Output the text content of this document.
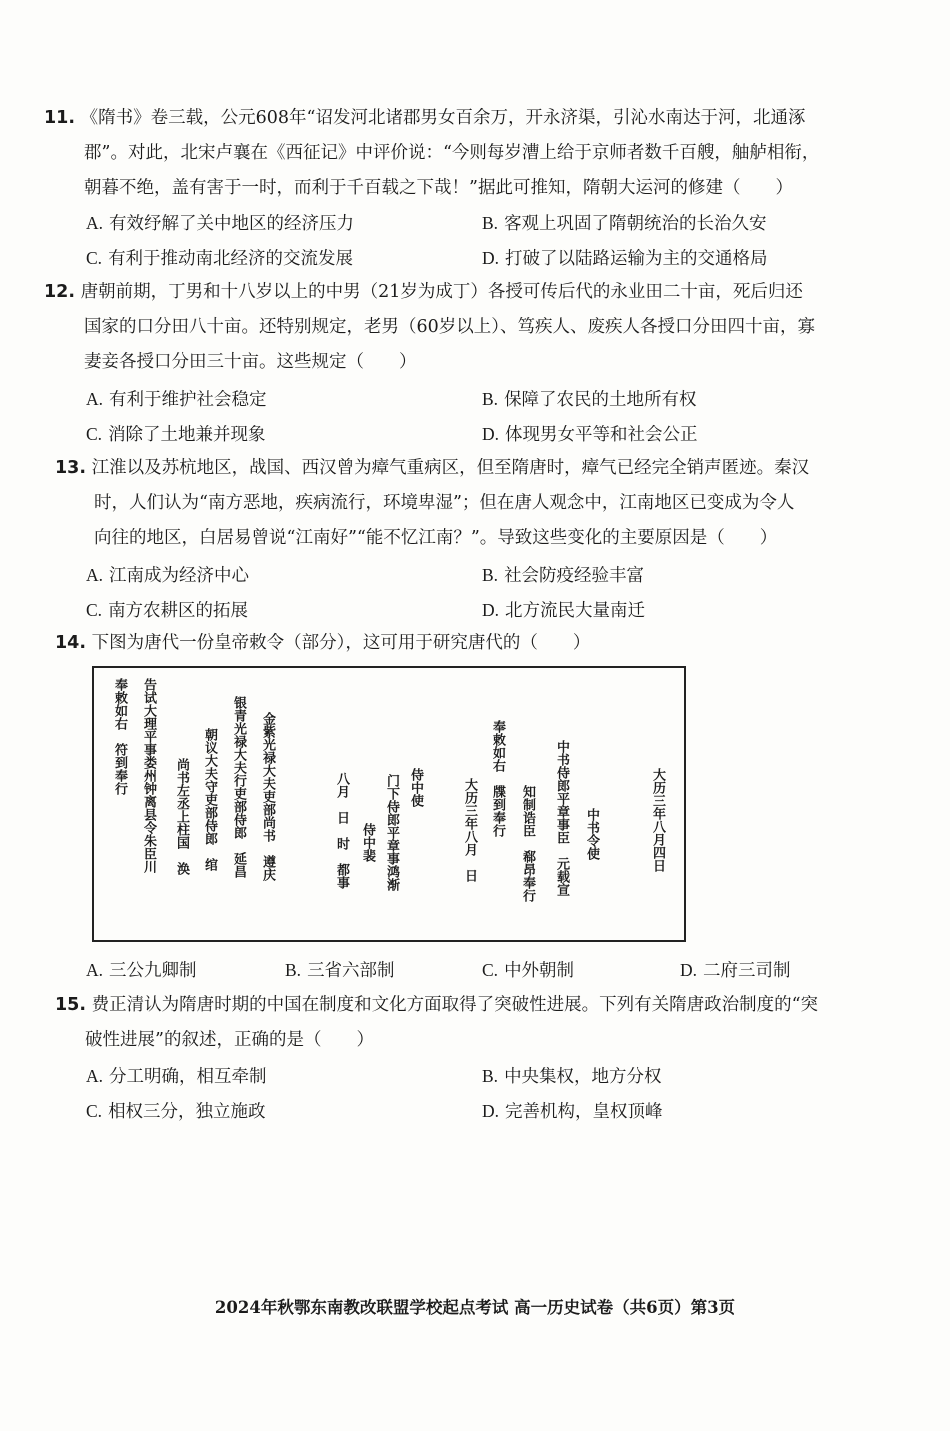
11. 《隋书》卷三载，公元608年“诏发河北诸郡男女百余万，开永济渠，引沁水南达于河，北通涿
郡”。对此，北宋卢襄在《西征记》中评价说：“今则每岁漕上给于京师者数千百艘，舳舻相衔，
朝暮不绝，盖有害于一时，而利于千百载之下哉！”据此可推知，隋朝大运河的修建（　　）
A. 有效纾解了关中地区的经济压力	B. 客观上巩固了隋朝统治的长治久安
C. 有利于推动南北经济的交流发展	D. 打破了以陆路运输为主的交通格局
12. 唐朝前期，丁男和十八岁以上的中男（21岁为成丁）各授可传后代的永业田二十亩，死后归还
国家的口分田八十亩。还特别规定，老男（60岁以上）、笃疾人、废疾人各授口分田四十亩，寡
妻妾各授口分田三十亩。这些规定（　　）
A. 有利于维护社会稳定	B. 保障了农民的土地所有权
C. 消除了土地兼并现象	D. 体现男女平等和社会公正
13. 江淮以及苏杭地区，战国、西汉曾为瘴气重病区，但至隋唐时，瘴气已经完全销声匿迹。秦汉
时，人们认为“南方恶地，疾病流行，环境卑湿”；但在唐人观念中，江南地区已变成为令人
向往的地区，白居易曾说“江南好”“能不忆江南？”。导致这些变化的主要原因是（　　）
A. 江南成为经济中心	B. 社会防疫经验丰富
C. 南方农耕区的拓展	D. 北方流民大量南迁
14. 下图为唐代一份皇帝敕令（部分），这可用于研究唐代的（　　）
奉敕如右　符到奉行 告试大理平事娄州钟离县令朱臣川 尚书左丞上柱国　涣 朝议大夫守吏部侍郎　绾 银青光禄大夫行吏部侍郎　延昌 金紫光禄大夫吏部尚书　遵庆	八月　日　时　都事 侍中裴 门下侍郎平章事鸿渐 侍中使	大历三年八月　日 奉敕如右　牒到奉行
知制诰臣　郗昂奉行 中书侍郎平章事臣　元载宣 中书令使	大历三年八月四日
A. 三公九卿制	B. 三省六部制	C. 中外朝制	D. 二府三司制
15. 费正清认为隋唐时期的中国在制度和文化方面取得了突破性进展。下列有关隋唐政治制度的“突
破性进展”的叙述，正确的是（　　）
A. 分工明确，相互牵制	B. 中央集权，地方分权
C. 相权三分，独立施政	D. 完善机构，皇权顶峰
2024年秋鄂东南教改联盟学校起点考试 高一历史试卷（共6页）第3页
